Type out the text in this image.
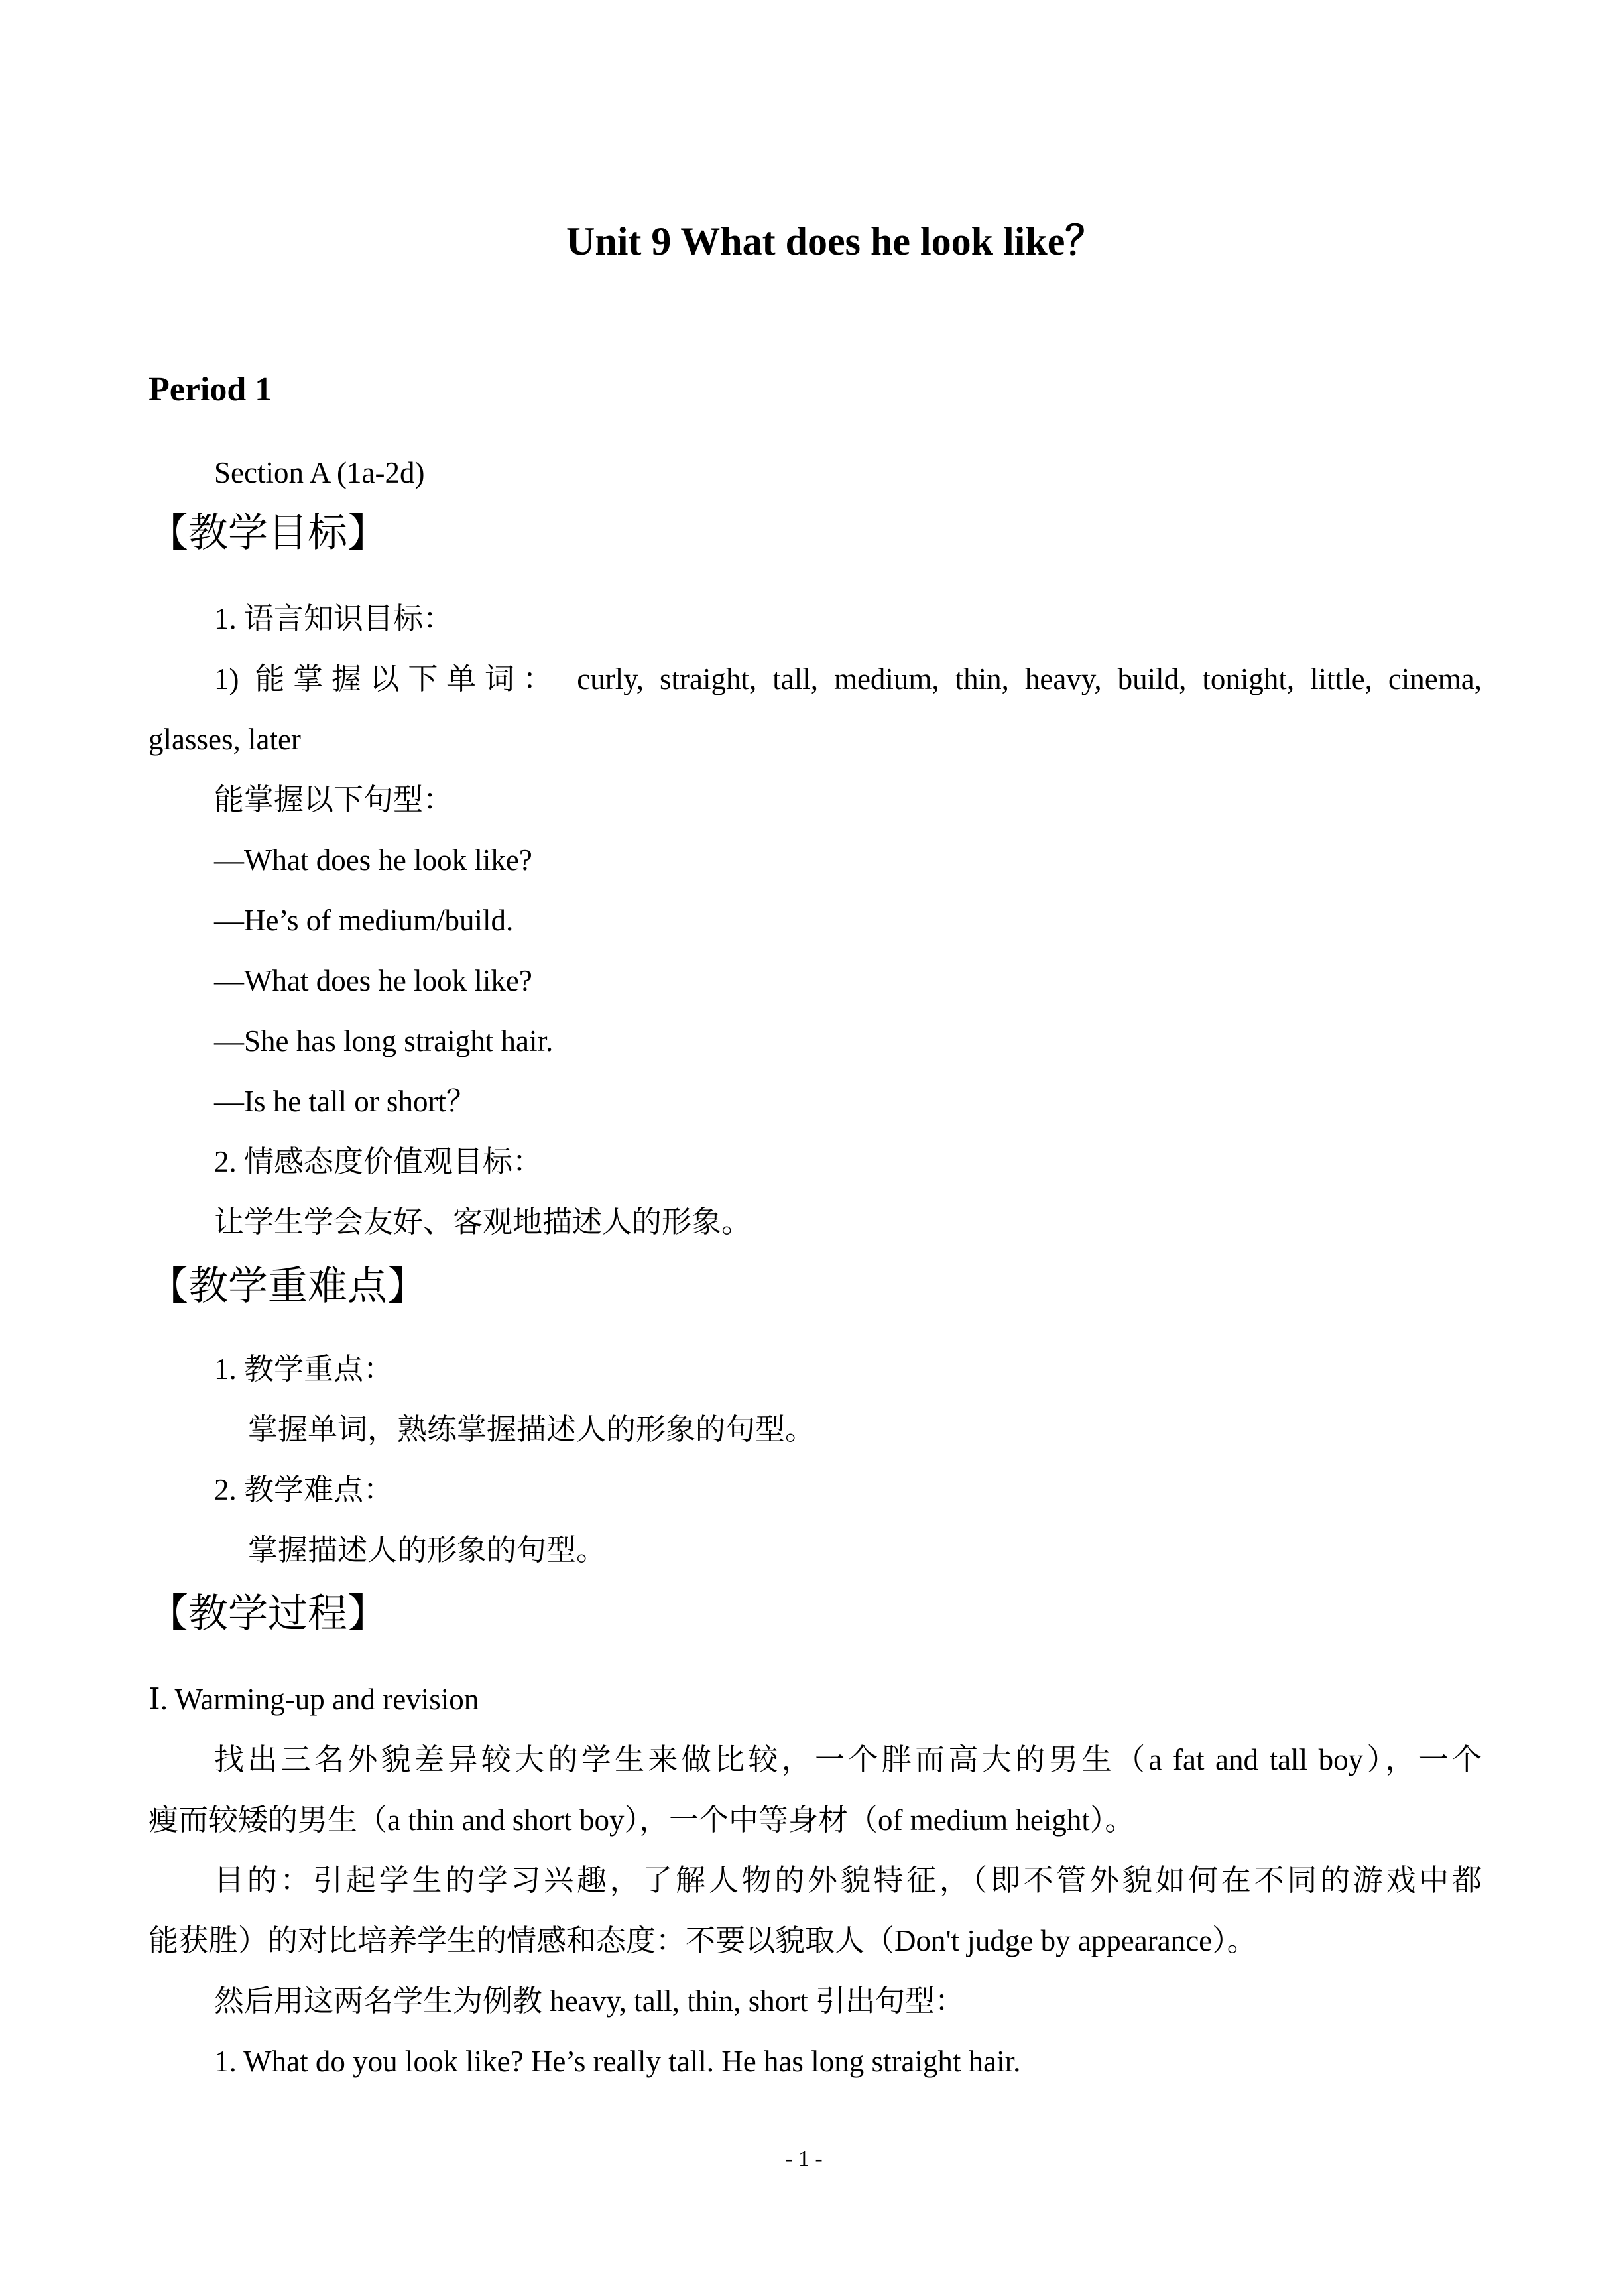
Unit 9 What does he look like？
Period 1
Section A (1a-2d)
【教学目标】
1. 语言知识目标：
1) 能掌握以下单词： curly, straight, tall, medium, thin, heavy, build, tonight, little, cinema,
glasses, later
能掌握以下句型：
—What does he look like?
—He’s of medium/build.
—What does he look like?
—She has long straight hair.
—Is he tall or short？
2. 情感态度价值观目标：
让学生学会友好、客观地描述人的形象。
【教学重难点】
1. 教学重点：
掌握单词，熟练掌握描述人的形象的句型。
2. 教学难点：
掌握描述人的形象的句型。
【教学过程】
Ⅰ. Warming-up and revision
找出三名外貌差异较大的学生来做比较，一个胖而高大的男生（a fat and tall boy），一个
瘦而较矮的男生（a thin and short boy），一个中等身材（of medium height）。
目的：引起学生的学习兴趣，了解人物的外貌特征，（即不管外貌如何在不同的游戏中都
能获胜）的对比培养学生的情感和态度：不要以貌取人（Don't judge by appearance）。
然后用这两名学生为例教 heavy, tall, thin, short 引出句型：
1. What do you look like? He’s really tall. He has long straight hair.
- 1 -
